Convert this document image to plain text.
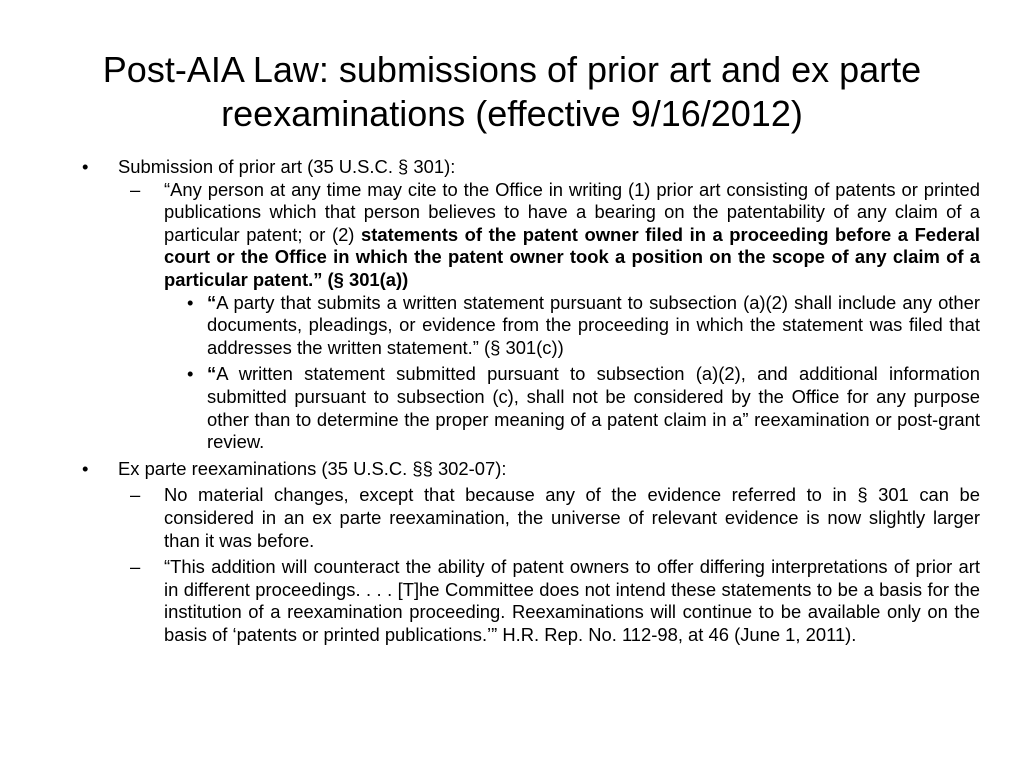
Post-AIA Law: submissions of prior art and ex parte reexaminations (effective 9/16/2012)
• Submission of prior art (35 U.S.C. § 301):
– “Any person at any time may cite to the Office in writing (1) prior art consisting of patents or printed publications which that person believes to have a bearing on the patentability of any claim of a particular patent; or (2) statements of the patent owner filed in a proceeding before a Federal court or the Office in which the patent owner took a position on the scope of any claim of a particular patent.” (§ 301(a))
• “A party that submits a written statement pursuant to subsection (a)(2) shall include any other documents, pleadings, or evidence from the proceeding in which the statement was filed that addresses the written statement.” (§ 301(c))
• “A written statement submitted pursuant to subsection (a)(2), and additional information submitted pursuant to subsection (c), shall not be considered by the Office for any purpose other than to determine the proper meaning of a patent claim in a” reexamination or post-grant review.
• Ex parte reexaminations (35 U.S.C. §§ 302-07):
– No material changes, except that because any of the evidence referred to in § 301 can be considered in an ex parte reexamination, the universe of relevant evidence is now slightly larger than it was before.
– “This addition will counteract the ability of patent owners to offer differing interpretations of prior art in different proceedings. . . . [T]he Committee does not intend these statements to be a basis for the institution of a reexamination proceeding. Reexaminations will continue to be available only on the basis of ‘patents or printed publications.’” H.R. Rep. No. 112-98, at 46 (June 1, 2011).
